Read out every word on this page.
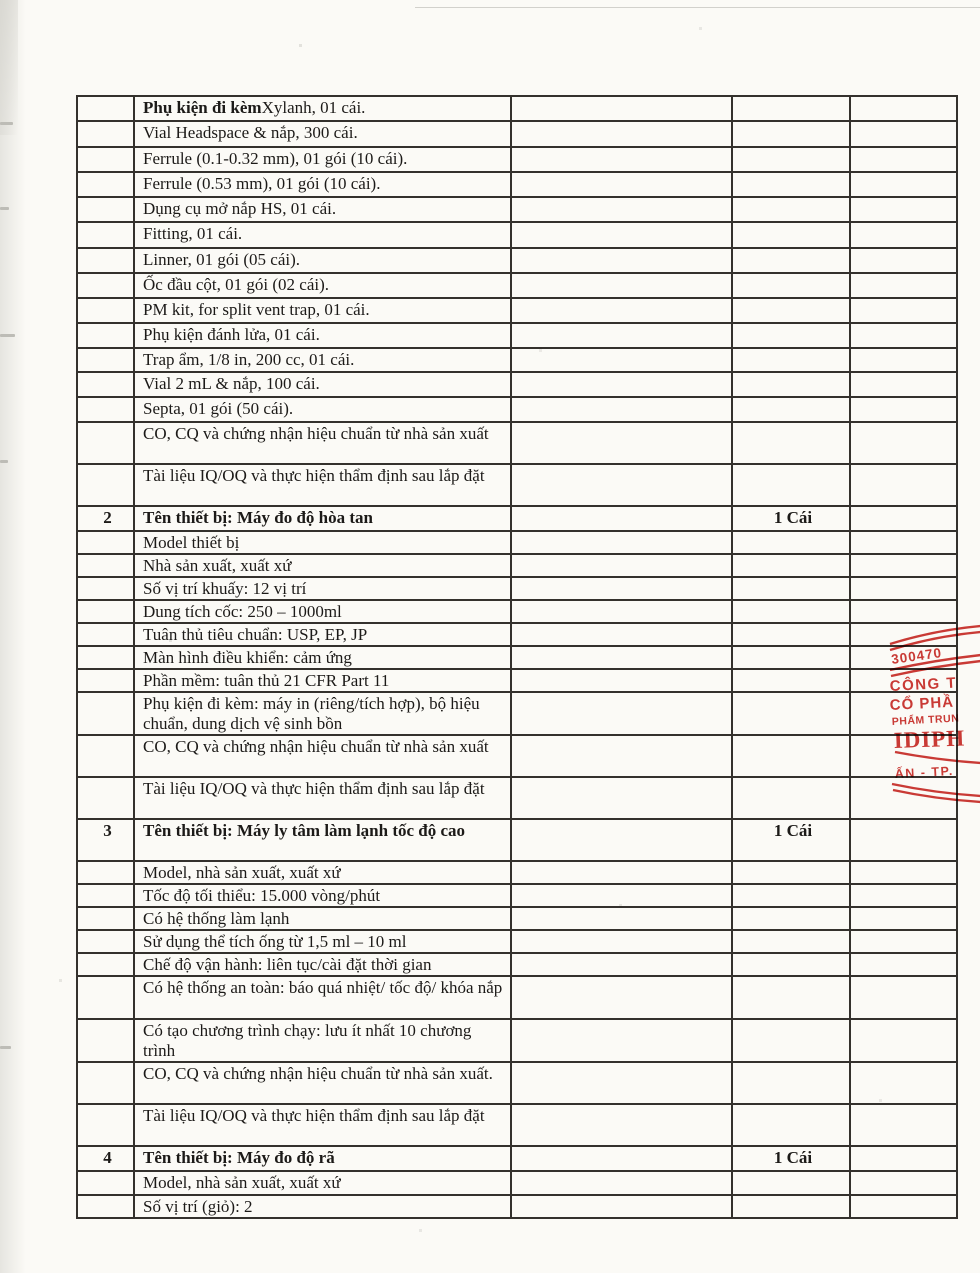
	Phụ kiện đi kèmXylanh, 01 cái.			
	Vial Headspace & nắp, 300 cái.			
	Ferrule (0.1-0.32 mm), 01 gói (10 cái).			
	Ferrule (0.53 mm), 01 gói (10 cái).			
	Dụng cụ mở nắp HS, 01 cái.			
	Fitting, 01 cái.			
	Linner, 01 gói (05 cái).			
	Ốc đầu cột, 01 gói (02 cái).			
	PM kit, for split vent trap, 01 cái.			
	Phụ kiện đánh lửa, 01 cái.			
	Trap ẩm, 1/8 in, 200 cc, 01 cái.			
	Vial 2 mL & nắp, 100 cái.			
	Septa, 01 gói (50 cái).			
	CO, CQ và chứng nhận hiệu chuẩn từ nhà sản xuất			
	Tài liệu IQ/OQ và thực hiện thẩm định sau lắp đặt			
2	Tên thiết bị: Máy đo độ hòa tan		1 Cái	
	Model thiết bị			
	Nhà sản xuất, xuất xứ			
	Số vị trí khuấy: 12 vị trí			
	Dung tích cốc: 250 – 1000ml			
	Tuân thủ tiêu chuẩn: USP, EP, JP			
	Màn hình điều khiển: cảm ứng			
	Phần mềm: tuân thủ 21 CFR Part 11			
	Phụ kiện đi kèm: máy in (riêng/tích hợp), bộ hiệu chuẩn, dung dịch vệ sinh bồn			
	CO, CQ và chứng nhận hiệu chuẩn từ nhà sản xuất			
	Tài liệu IQ/OQ và thực hiện thẩm định sau lắp đặt			
3	Tên thiết bị: Máy ly tâm làm lạnh tốc độ cao		1 Cái	
	Model, nhà sản xuất, xuất xứ			
	Tốc độ tối thiểu: 15.000 vòng/phút			
	Có hệ thống làm lạnh			
	Sử dụng thể tích ống từ 1,5 ml – 10 ml			
	Chế độ vận hành: liên tục/cài đặt thời gian			
	Có hệ thống an toàn: báo quá nhiệt/ tốc độ/ khóa nắp			
	Có tạo chương trình chạy: lưu ít nhất 10 chương trình			
	CO, CQ và chứng nhận hiệu chuẩn từ nhà sản xuất.			
	Tài liệu IQ/OQ và thực hiện thẩm định sau lắp đặt			
4	Tên thiết bị: Máy đo độ rã		1 Cái	
	Model, nhà sản xuất, xuất xứ			
	Số vị trí (giỏ): 2			
300470
CÔNG T
CỔ PHẦ
PHẨM TRUN
IDIPH
ẤN - TP.
